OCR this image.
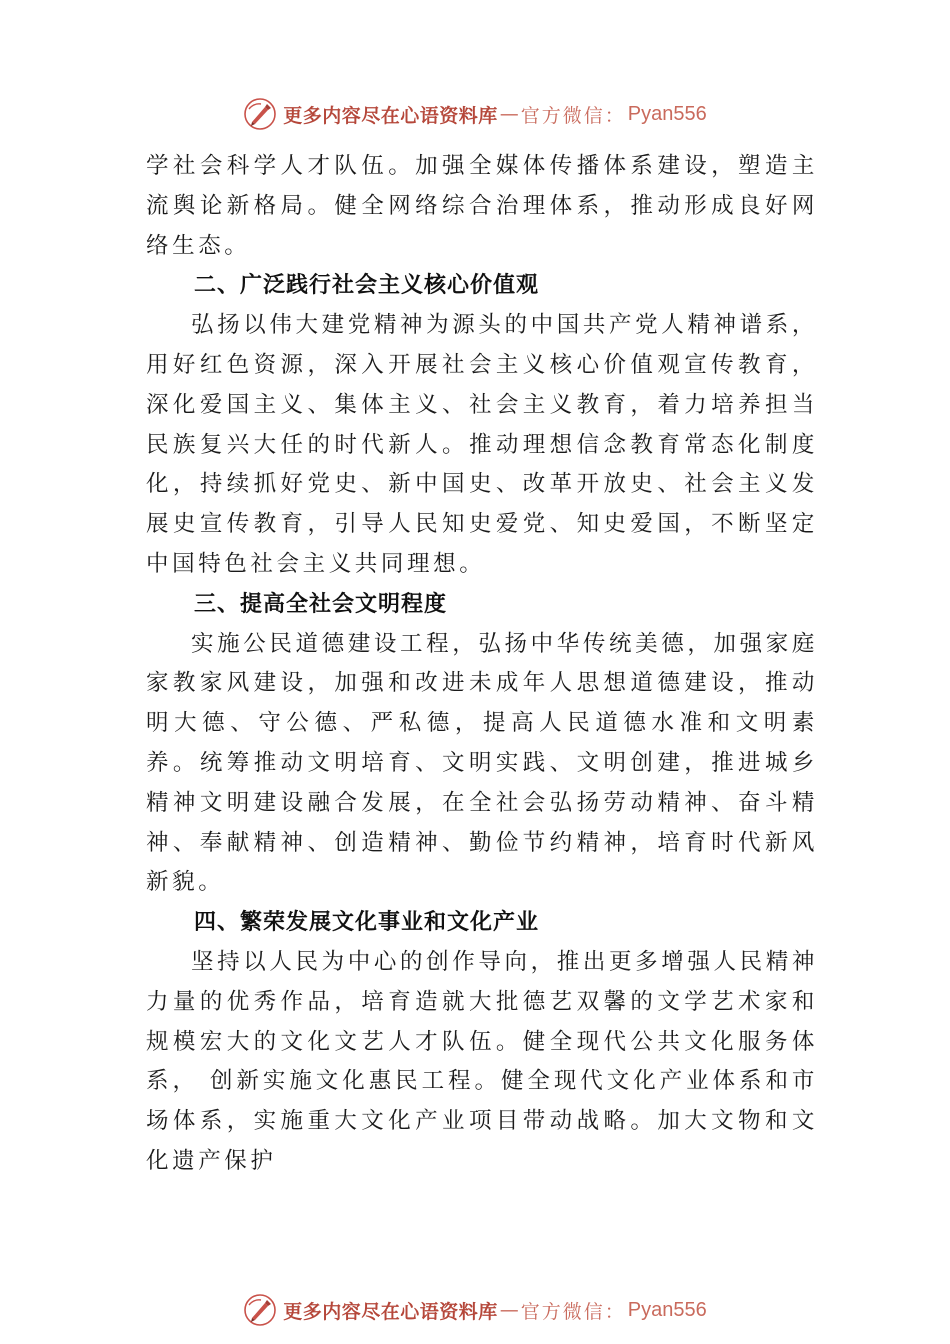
更多内容尽在心语资料库 — 官方微信： Pyan556

学社会科学人才队伍。加强全媒体传播体系建设，塑造主流舆论新格局。健全网络综合治理体系，推动形成良好网络生态。

二、广泛践行社会主义核心价值观

弘扬以伟大建党精神为源头的中国共产党人精神谱系，用好红色资源，深入开展社会主义核心价值观宣传教育，深化爱国主义、集体主义、社会主义教育，着力培养担当民族复兴大任的时代新人。推动理想信念教育常态化制度化，持续抓好党史、新中国史、改革开放史、社会主义发展史宣传教育，引导人民知史爱党、知史爱国，不断坚定中国特色社会主义共同理想。

三、提高全社会文明程度

实施公民道德建设工程，弘扬中华传统美德，加强家庭家教家风建设，加强和改进未成年人思想道德建设，推动明大德、守公德、严私德，提高人民道德水准和文明素养。统筹推动文明培育、文明实践、文明创建，推进城乡精神文明建设融合发展，在全社会弘扬劳动精神、奋斗精神、奉献精神、创造精神、勤俭节约精神，培育时代新风新貌。

四、繁荣发展文化事业和文化产业

坚持以人民为中心的创作导向，推出更多增强人民精神力量的优秀作品，培育造就大批德艺双馨的文学艺术家和规模宏大的文化文艺人才队伍。健全现代公共文化服务体系， 创新实施文化惠民工程。健全现代文化产业体系和市场体系，实施重大文化产业项目带动战略。加大文物和文化遗产保护

更多内容尽在心语资料库 — 官方微信： Pyan556
